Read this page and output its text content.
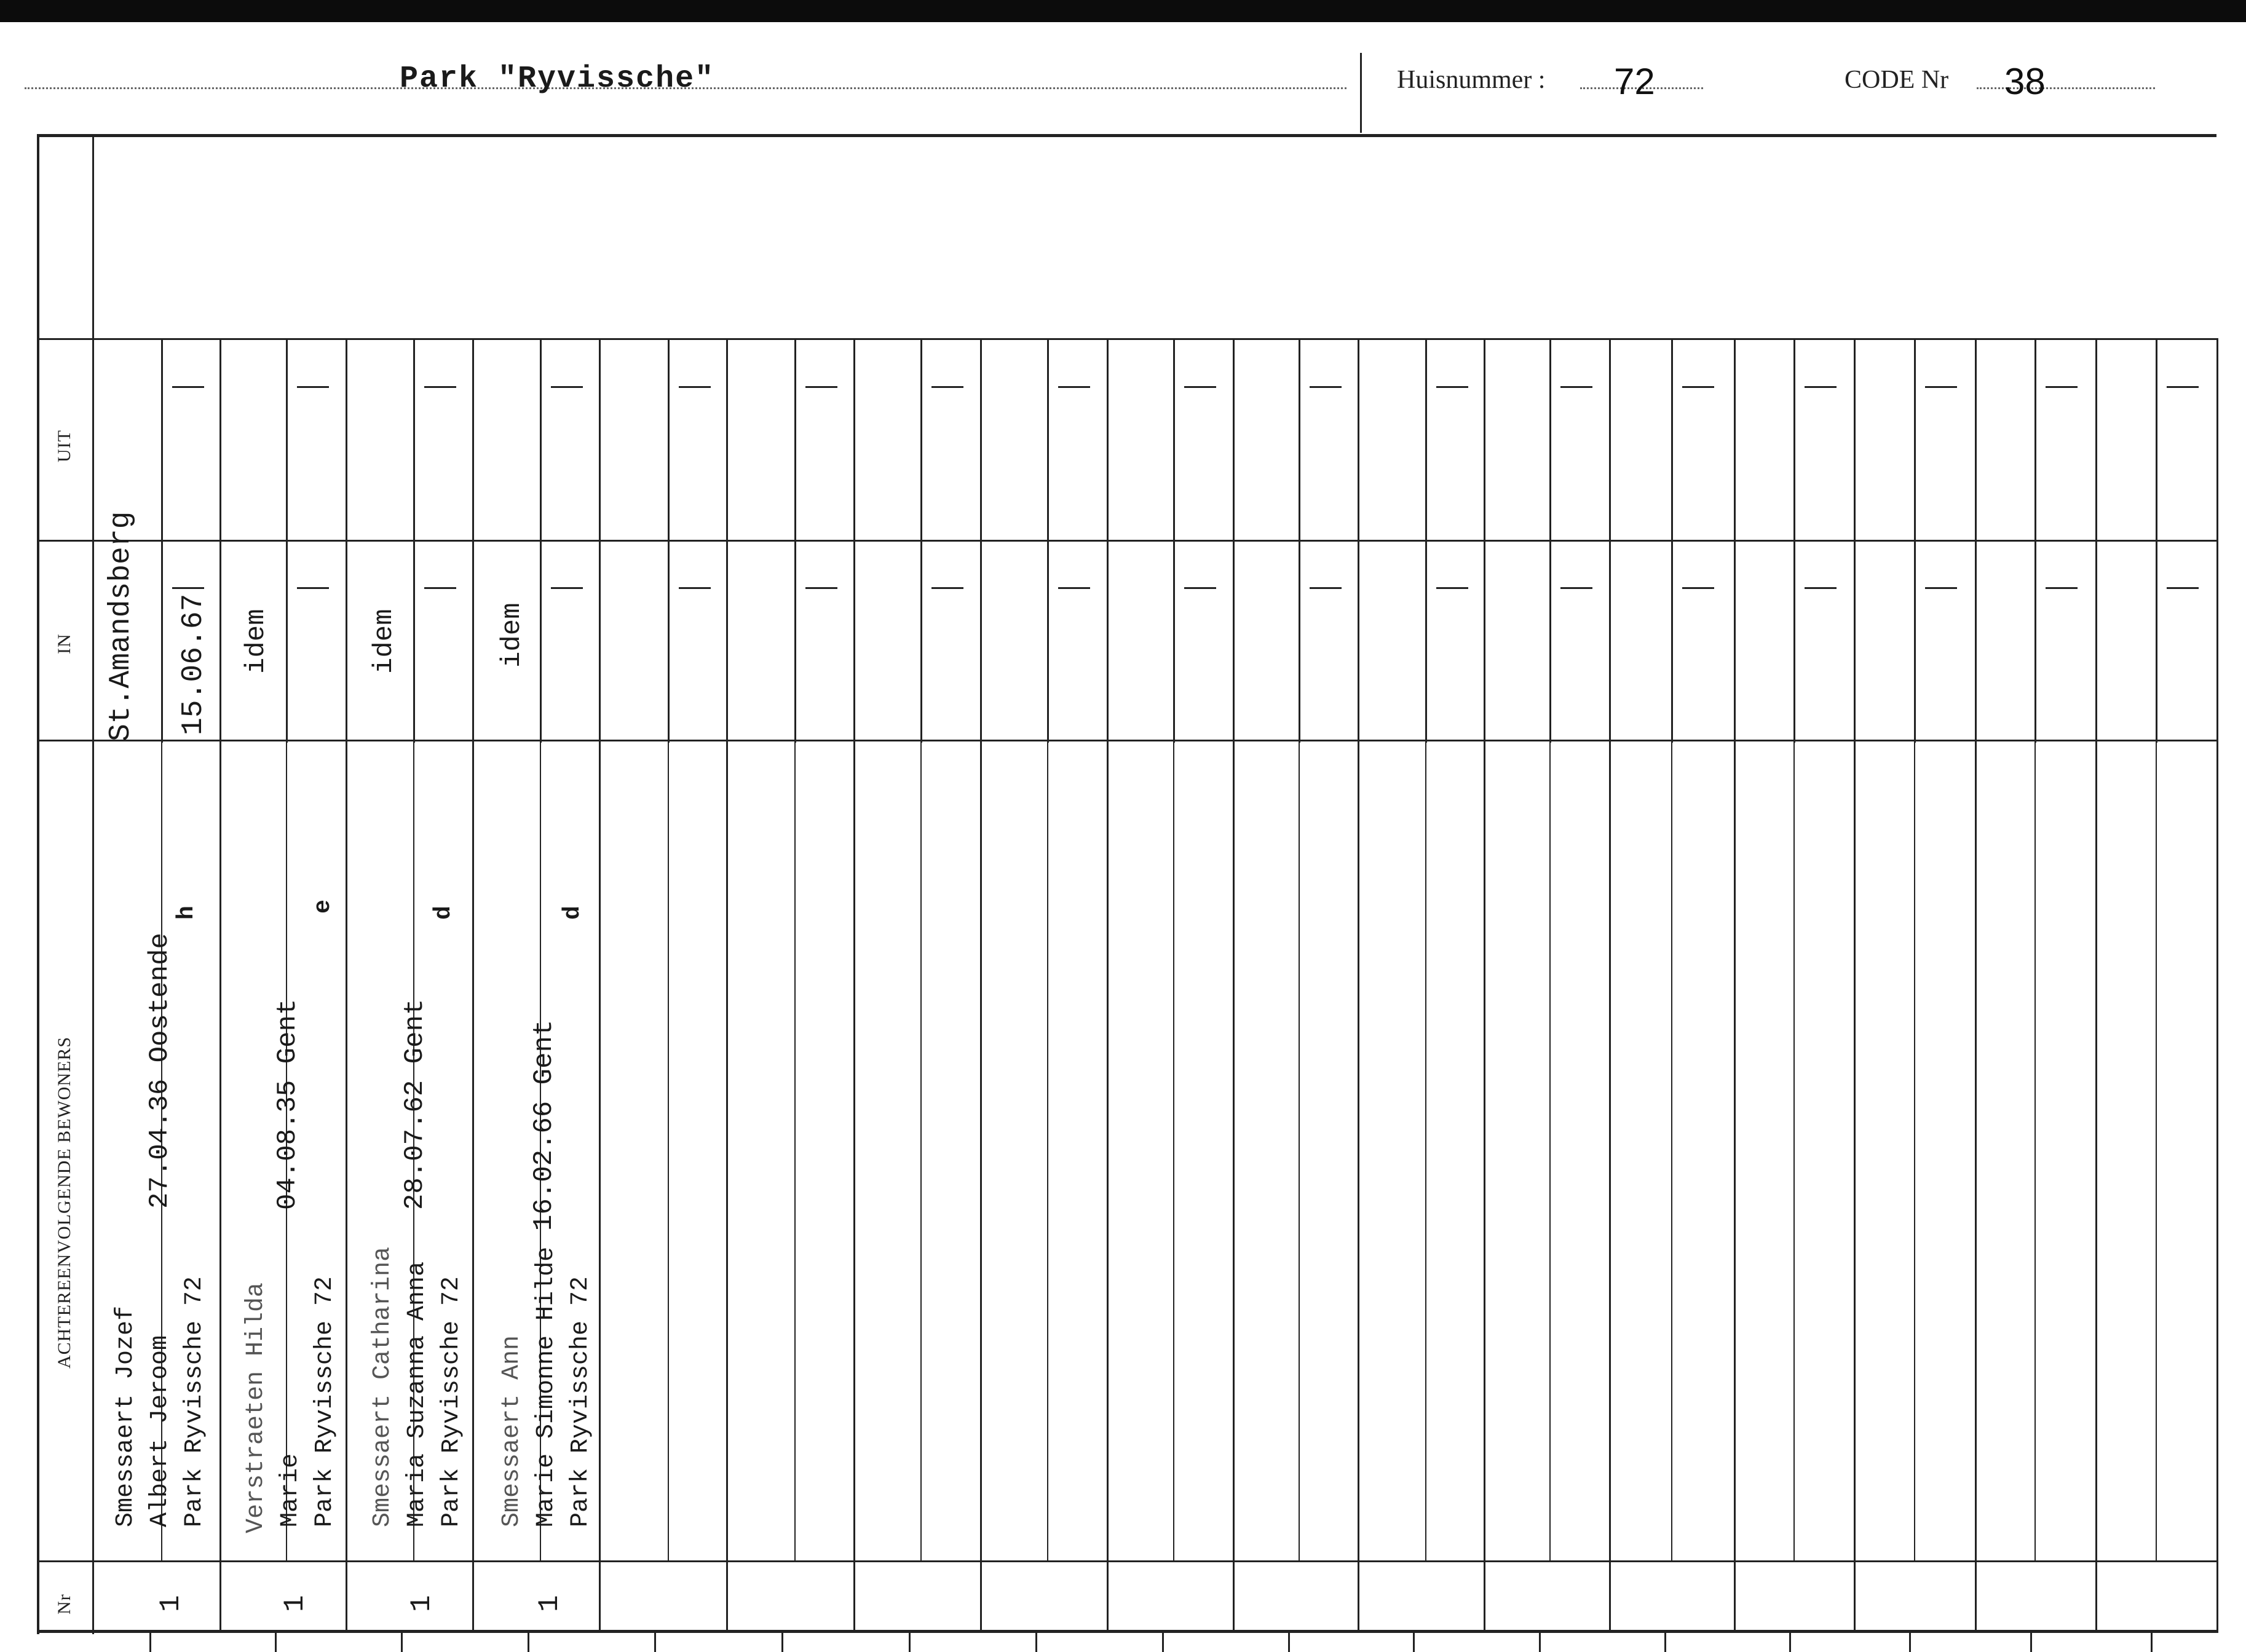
Park "Ryvissche"	Huisnummer : 72	CODE Nr 38
UIT
IN
ACHTEREENVOLGENDE BEWONERS
Nr
St.Amandsberg 15.06.67
Smessaert Jozef Albert Jeroom Park Ryvissche 72
27.04.36 Oostende
h
1
idem
Verstraeten Hilda Marie Park Ryvissche 72
04.08.35 Gent
e
1
idem
Smessaert Catharina Maria Suzanna Anna Park Ryvissche 72
28.07.62 Gent
d
1
idem
Smessaert Ann Marie Simonne Hilde Park Ryvissche 72
16.02.66 Gent
d
1
